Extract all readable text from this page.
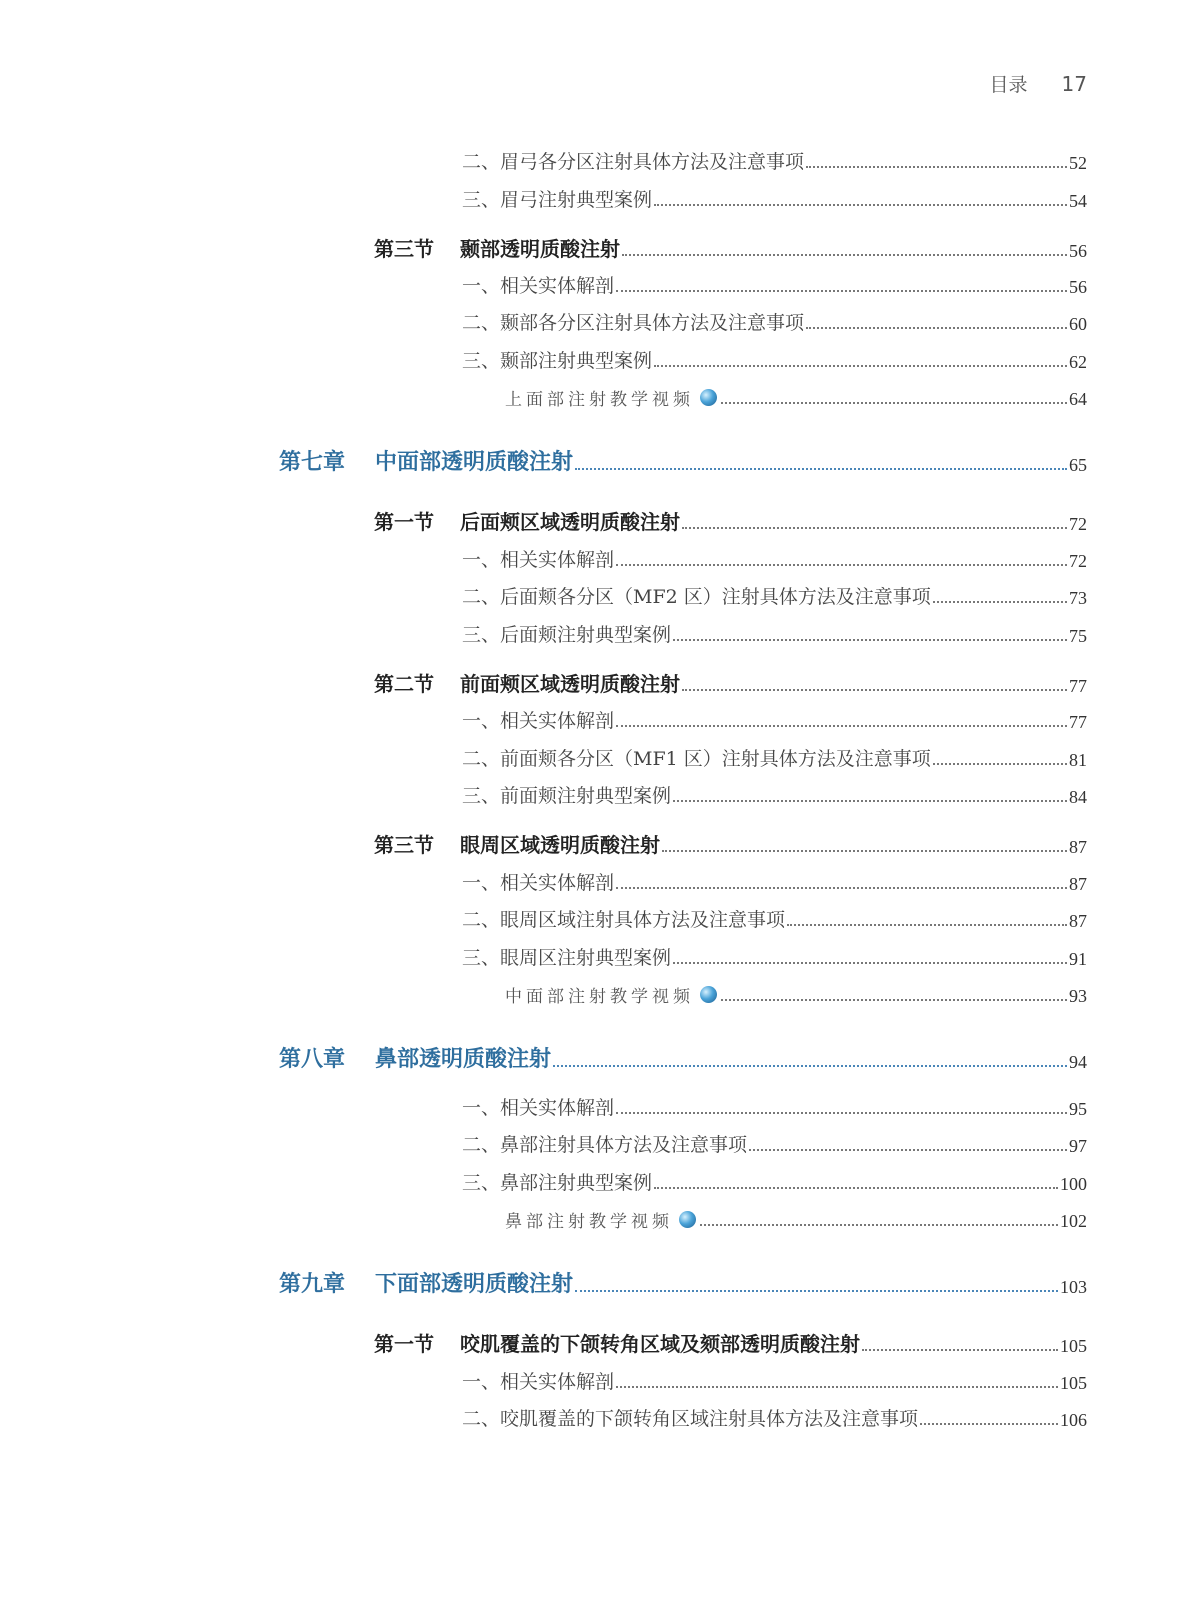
目录 17
二、眉弓各分区注射具体方法及注意事项	52
三、眉弓注射典型案例	54
第三节	颞部透明质酸注射	56
一、相关实体解剖	56
二、颞部各分区注射具体方法及注意事项	60
三、颞部注射典型案例	62
上面部注射教学视频	64
第七章	中面部透明质酸注射	65
第一节	后面颊区域透明质酸注射	72
一、相关实体解剖	72
二、后面颊各分区（MF2 区）注射具体方法及注意事项	73
三、后面颊注射典型案例	75
第二节	前面颊区域透明质酸注射	77
一、相关实体解剖	77
二、前面颊各分区（MF1 区）注射具体方法及注意事项	81
三、前面颊注射典型案例	84
第三节	眼周区域透明质酸注射	87
一、相关实体解剖	87
二、眼周区域注射具体方法及注意事项	87
三、眼周区注射典型案例	91
中面部注射教学视频	93
第八章	鼻部透明质酸注射	94
一、相关实体解剖	95
二、鼻部注射具体方法及注意事项	97
三、鼻部注射典型案例	100
鼻部注射教学视频	102
第九章	下面部透明质酸注射	103
第一节	咬肌覆盖的下颌转角区域及颏部透明质酸注射	105
一、相关实体解剖	105
二、咬肌覆盖的下颌转角区域注射具体方法及注意事项	106
